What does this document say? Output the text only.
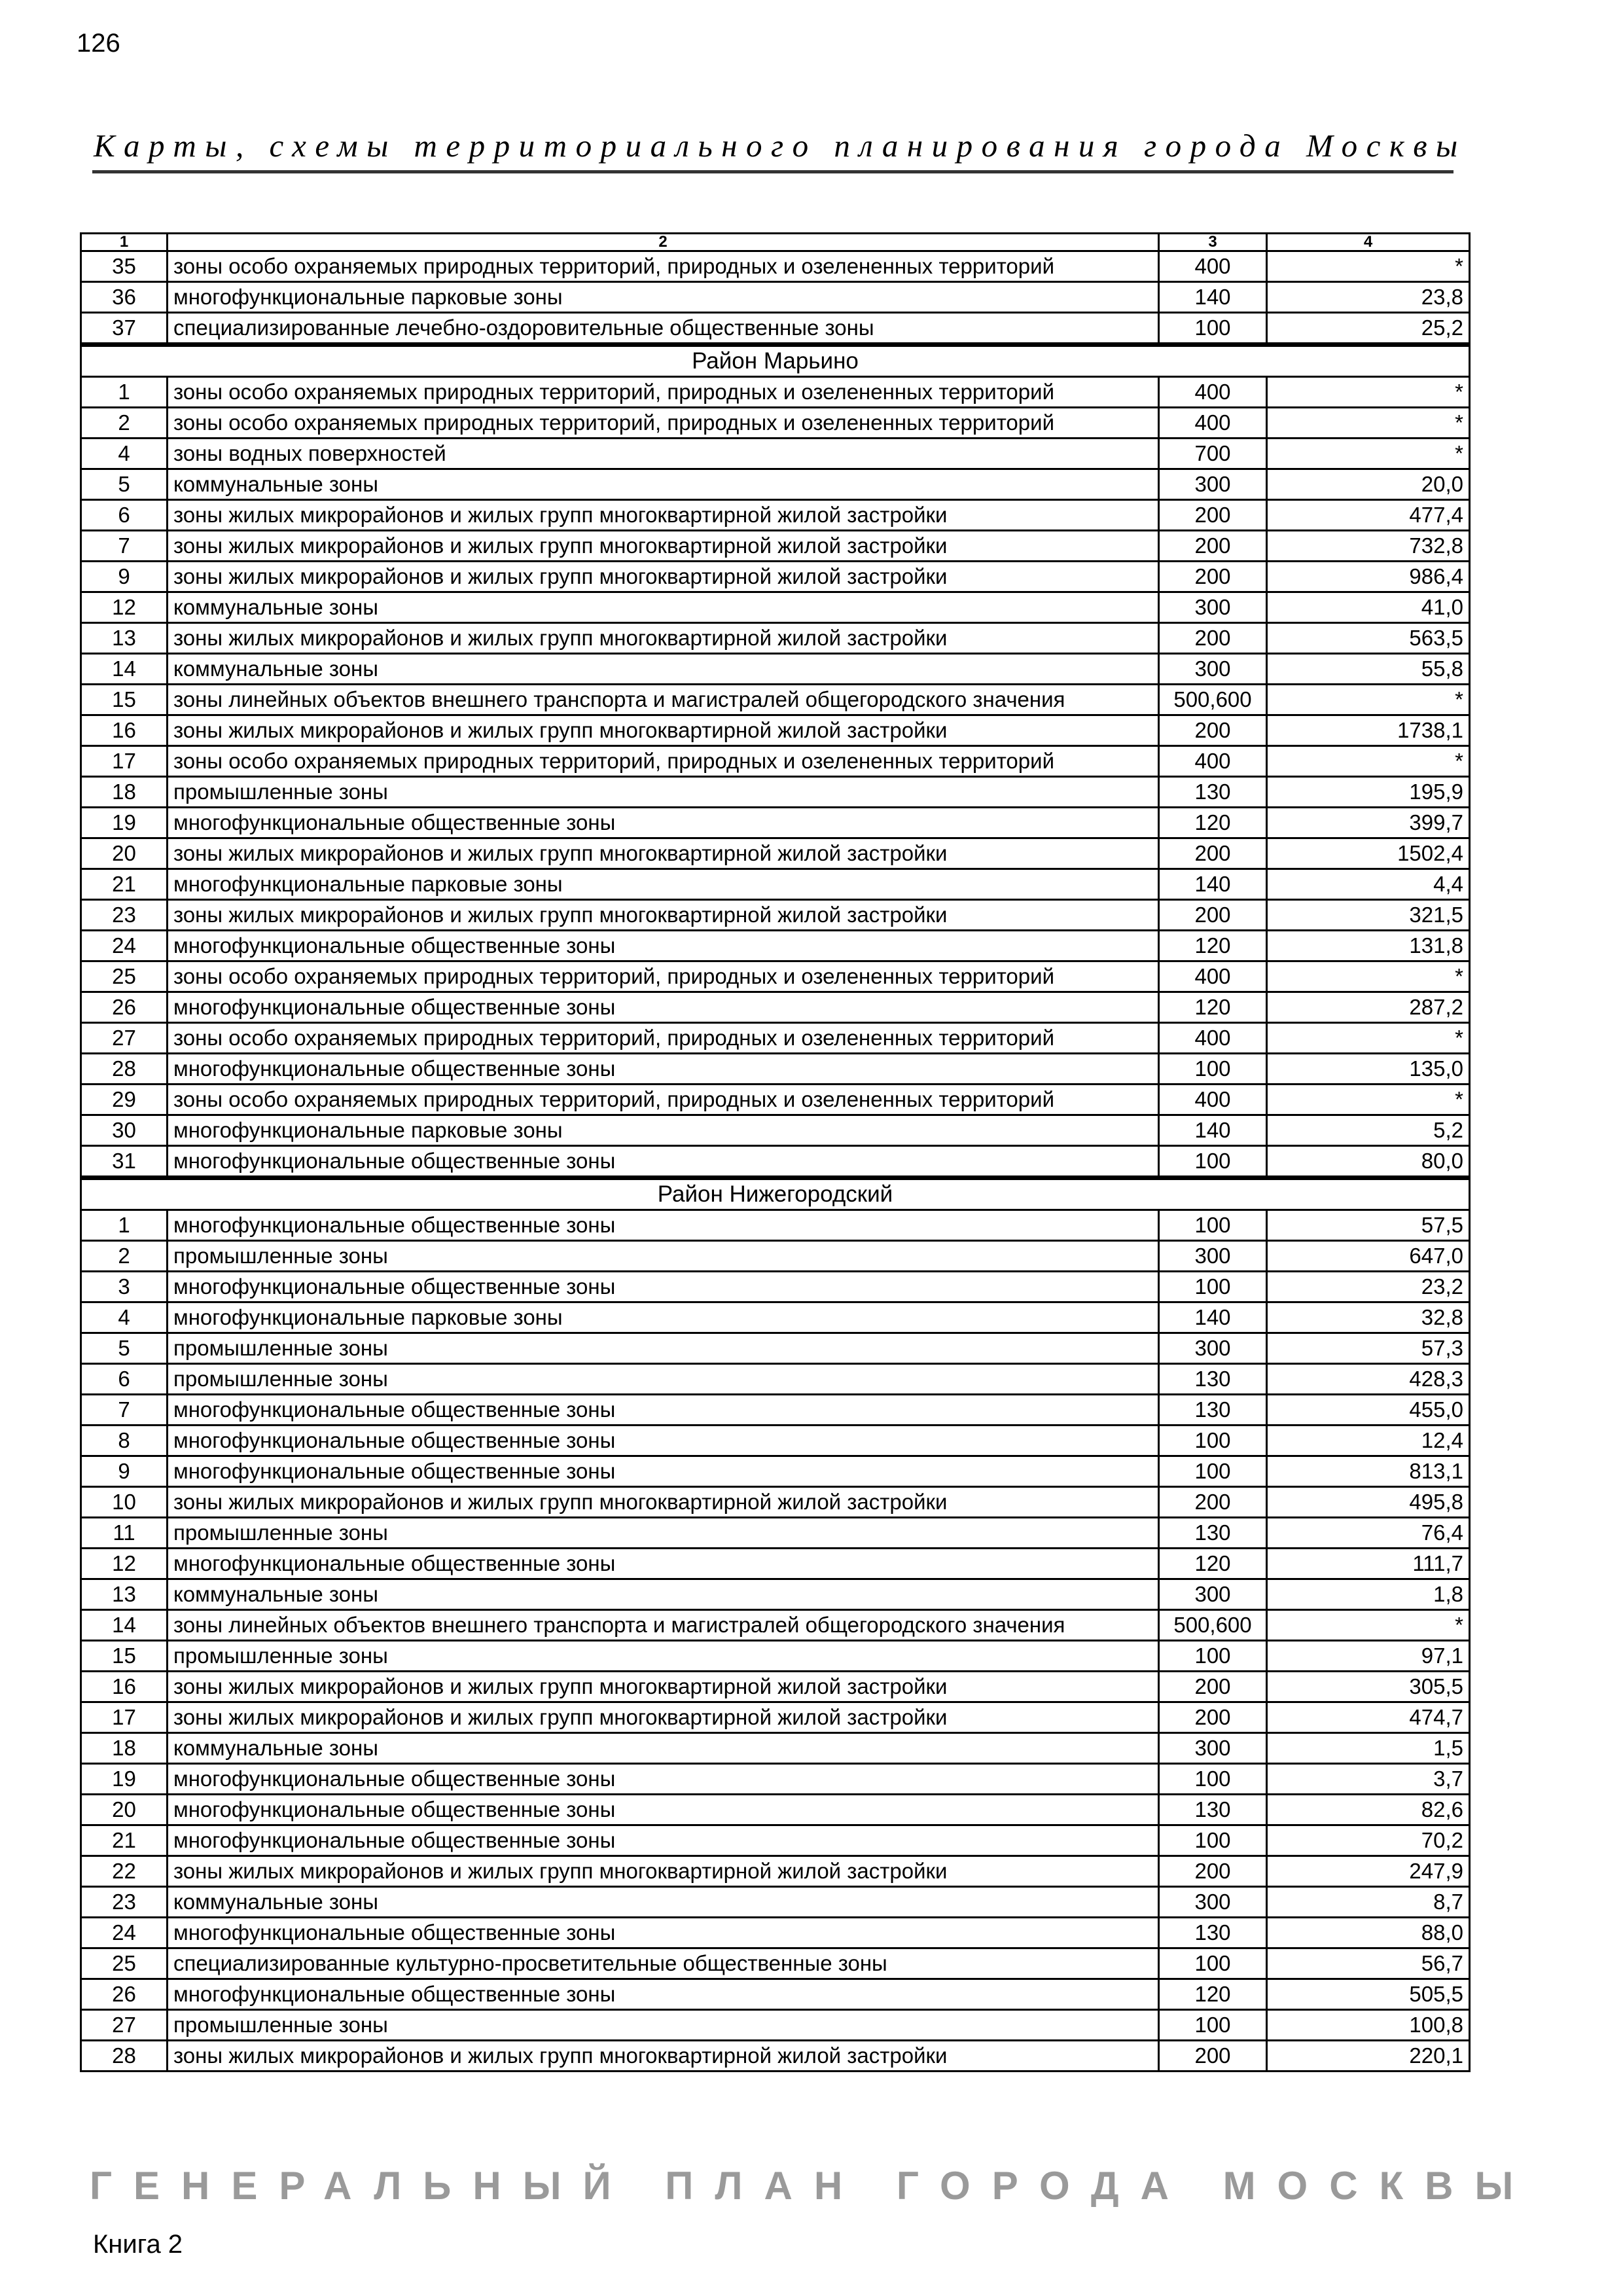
126
Карты, схемы территориального планирования города Москвы
1	2	3	4
35	зоны особо охраняемых природных территорий, природных и озелененных территорий	400	*
36	многофункциональные парковые зоны	140	23,8
37	специализированные лечебно-оздоровительные общественные зоны	100	25,2
Район Марьино			
1	зоны особо охраняемых природных территорий, природных и озелененных территорий	400	*
2	зоны особо охраняемых природных территорий, природных и озелененных территорий	400	*
4	зоны водных поверхностей	700	*
5	коммунальные зоны	300	20,0
6	зоны жилых микрорайонов и жилых групп многоквартирной жилой застройки	200	477,4
7	зоны жилых микрорайонов и жилых групп многоквартирной жилой застройки	200	732,8
9	зоны жилых микрорайонов и жилых групп многоквартирной жилой застройки	200	986,4
12	коммунальные зоны	300	41,0
13	зоны жилых микрорайонов и жилых групп многоквартирной жилой застройки	200	563,5
14	коммунальные зоны	300	55,8
15	зоны линейных объектов внешнего транспорта и магистралей общегородского значения	500,600	*
16	зоны жилых микрорайонов и жилых групп многоквартирной жилой застройки	200	1738,1
17	зоны особо охраняемых природных территорий, природных и озелененных территорий	400	*
18	промышленные зоны	130	195,9
19	многофункциональные общественные зоны	120	399,7
20	зоны жилых микрорайонов и жилых групп многоквартирной жилой застройки	200	1502,4
21	многофункциональные парковые зоны	140	4,4
23	зоны жилых микрорайонов и жилых групп многоквартирной жилой застройки	200	321,5
24	многофункциональные общественные зоны	120	131,8
25	зоны особо охраняемых природных территорий, природных и озелененных территорий	400	*
26	многофункциональные общественные зоны	120	287,2
27	зоны особо охраняемых природных территорий, природных и озелененных территорий	400	*
28	многофункциональные общественные зоны	100	135,0
29	зоны особо охраняемых природных территорий, природных и озелененных территорий	400	*
30	многофункциональные парковые зоны	140	5,2
31	многофункциональные общественные зоны	100	80,0
Район Нижегородский			
1	многофункциональные общественные зоны	100	57,5
2	промышленные зоны	300	647,0
3	многофункциональные общественные зоны	100	23,2
4	многофункциональные парковые зоны	140	32,8
5	промышленные зоны	300	57,3
6	промышленные зоны	130	428,3
7	многофункциональные общественные зоны	130	455,0
8	многофункциональные общественные зоны	100	12,4
9	многофункциональные общественные зоны	100	813,1
10	зоны жилых микрорайонов и жилых групп многоквартирной жилой застройки	200	495,8
11	промышленные зоны	130	76,4
12	многофункциональные общественные зоны	120	111,7
13	коммунальные зоны	300	1,8
14	зоны линейных объектов внешнего транспорта и магистралей общегородского значения	500,600	*
15	промышленные зоны	100	97,1
16	зоны жилых микрорайонов и жилых групп многоквартирной жилой застройки	200	305,5
17	зоны жилых микрорайонов и жилых групп многоквартирной жилой застройки	200	474,7
18	коммунальные зоны	300	1,5
19	многофункциональные общественные зоны	100	3,7
20	многофункциональные общественные зоны	130	82,6
21	многофункциональные общественные зоны	100	70,2
22	зоны жилых микрорайонов и жилых групп многоквартирной жилой застройки	200	247,9
23	коммунальные зоны	300	8,7
24	многофункциональные общественные зоны	130	88,0
25	специализированные культурно-просветительные общественные зоны	100	56,7
26	многофункциональные общественные зоны	120	505,5
27	промышленные зоны	100	100,8
28	зоны жилых микрорайонов и жилых групп многоквартирной жилой застройки	200	220,1
ГЕНЕРАЛЬНЫЙ ПЛАН ГОРОДА МОСКВЫ
Книга 2
